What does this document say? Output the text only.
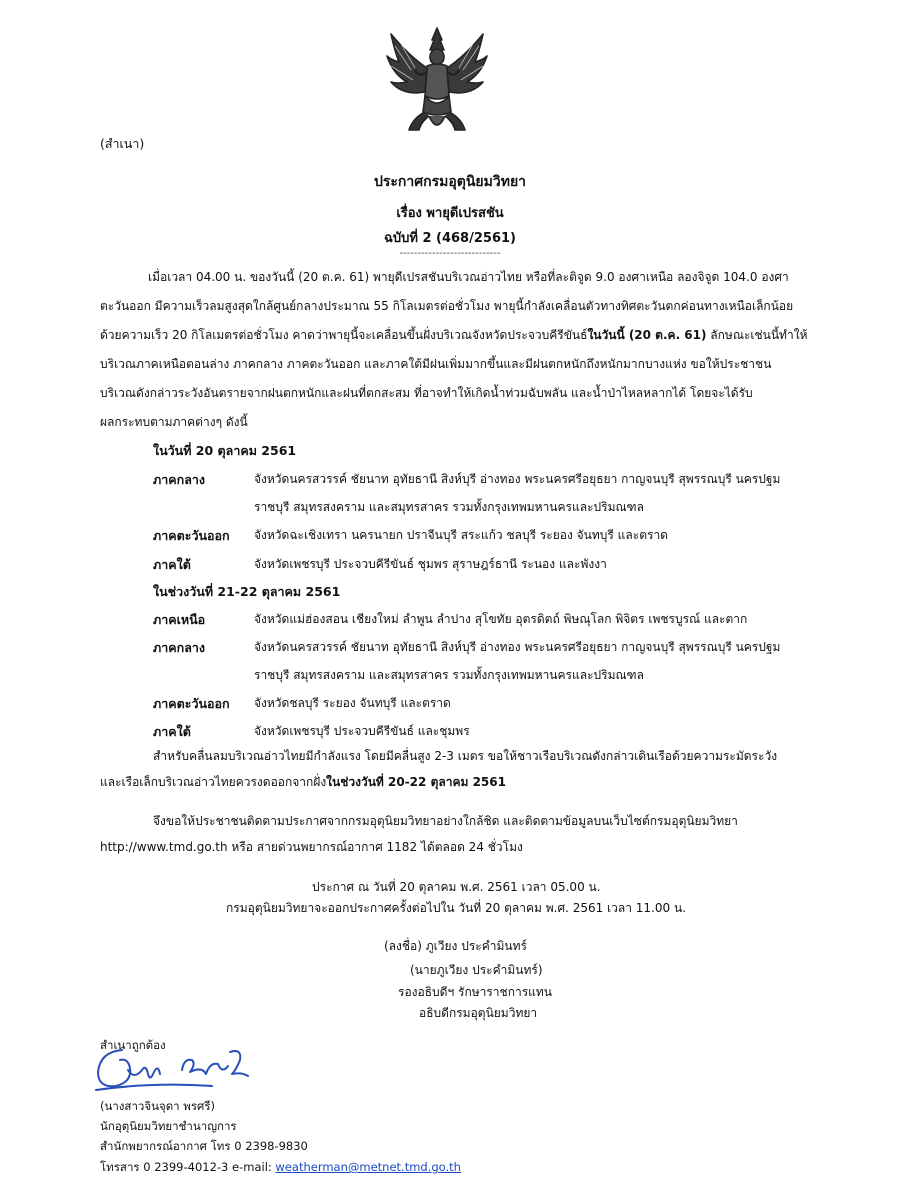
(สำเนา)
ประกาศกรมอุตุนิยมวิทยา
เรื่อง พายุดีเปรสชัน
ฉบับที่ 2 (468/2561)
----------------------------
เมื่อเวลา 04.00 น. ของวันนี้ (20 ต.ค. 61) พายุดีเปรสชันบริเวณอ่าวไทย หรือที่ละติจูด 9.0 องศาเหนือ ลองจิจูด 104.0 องศา
ตะวันออก มีความเร็วลมสูงสุดใกล้ศูนย์กลางประมาณ 55 กิโลเมตรต่อชั่วโมง พายุนี้กำลังเคลื่อนตัวทางทิศตะวันตกค่อนทางเหนือเล็กน้อย
ด้วยความเร็ว 20 กิโลเมตรต่อชั่วโมง คาดว่าพายุนี้จะเคลื่อนขึ้นฝั่งบริเวณจังหวัดประจวบคีรีขันธ์ในวันนี้ (20 ต.ค. 61) ลักษณะเช่นนี้ทำให้
บริเวณภาคเหนือตอนล่าง ภาคกลาง ภาคตะวันออก และภาคใต้มีฝนเพิ่มมากขึ้นและมีฝนตกหนักถึงหนักมากบางแห่ง ขอให้ประชาชน
บริเวณดังกล่าวระวังอันตรายจากฝนตกหนักและฝนที่ตกสะสม ที่อาจทำให้เกิดน้ำท่วมฉับพลัน และน้ำป่าไหลหลากได้ โดยจะได้รับ
ผลกระทบตามภาคต่างๆ ดังนี้
ในวันที่ 20 ตุลาคม 2561
ภาคกลาง	จังหวัดนครสวรรค์ ชัยนาท อุทัยธานี สิงห์บุรี อ่างทอง พระนครศรีอยุธยา กาญจนบุรี สุพรรณบุรี นครปฐม
ราชบุรี สมุทรสงคราม และสมุทรสาคร รวมทั้งกรุงเทพมหานครและปริมณฑล
ภาคตะวันออก จังหวัดฉะเชิงเทรา นครนายก ปราจีนบุรี สระแก้ว ชลบุรี ระยอง จันทบุรี และตราด
ภาคใต้	จังหวัดเพชรบุรี ประจวบคีรีขันธ์ ชุมพร สุราษฎร์ธานี ระนอง และพังงา
ในช่วงวันที่ 21-22 ตุลาคม 2561
ภาคเหนือ	จังหวัดแม่ฮ่องสอน เชียงใหม่ ลำพูน ลำปาง สุโขทัย อุตรดิตถ์ พิษณุโลก พิจิตร เพชรบูรณ์ และตาก
ภาคกลาง	จังหวัดนครสวรรค์ ชัยนาท อุทัยธานี สิงห์บุรี อ่างทอง พระนครศรีอยุธยา กาญจนบุรี สุพรรณบุรี นครปฐม
ราชบุรี สมุทรสงคราม และสมุทรสาคร รวมทั้งกรุงเทพมหานครและปริมณฑล
ภาคตะวันออก จังหวัดชลบุรี ระยอง จันทบุรี และตราด
ภาคใต้	จังหวัดเพชรบุรี ประจวบคีรีขันธ์ และชุมพร
สำหรับคลื่นลมบริเวณอ่าวไทยมีกำลังแรง โดยมีคลื่นสูง 2-3 เมตร ขอให้ชาวเรือบริเวณดังกล่าวเดินเรือด้วยความระมัดระวัง
และเรือเล็กบริเวณอ่าวไทยควรงดออกจากฝั่งในช่วงวันที่ 20-22 ตุลาคม 2561
จึงขอให้ประชาชนติดตามประกาศจากกรมอุตุนิยมวิทยาอย่างใกล้ชิด และติดตามข้อมูลบนเว็บไซต์กรมอุตุนิยมวิทยา
http://www.tmd.go.th หรือ สายด่วนพยากรณ์อากาศ 1182 ได้ตลอด 24 ชั่วโมง
ประกาศ ณ วันที่ 20 ตุลาคม พ.ศ. 2561 เวลา 05.00 น.
กรมอุตุนิยมวิทยาจะออกประกาศครั้งต่อไปใน วันที่ 20 ตุลาคม พ.ศ. 2561 เวลา 11.00 น.
(ลงชื่อ) ภูเวียง ประคำมินทร์
(นายภูเวียง ประคำมินทร์)
รองอธิบดีฯ รักษาราชการแทน
อธิบดีกรมอุตุนิยมวิทยา
สำเนาถูกต้อง
(นางสาวจินจุดา พรศรี)
นักอุตุนิยมวิทยาชำนาญการ
สำนักพยากรณ์อากาศ โทร 0 2398-9830
โทรสาร 0 2399-4012-3 e-mail: weatherman@metnet.tmd.go.th
